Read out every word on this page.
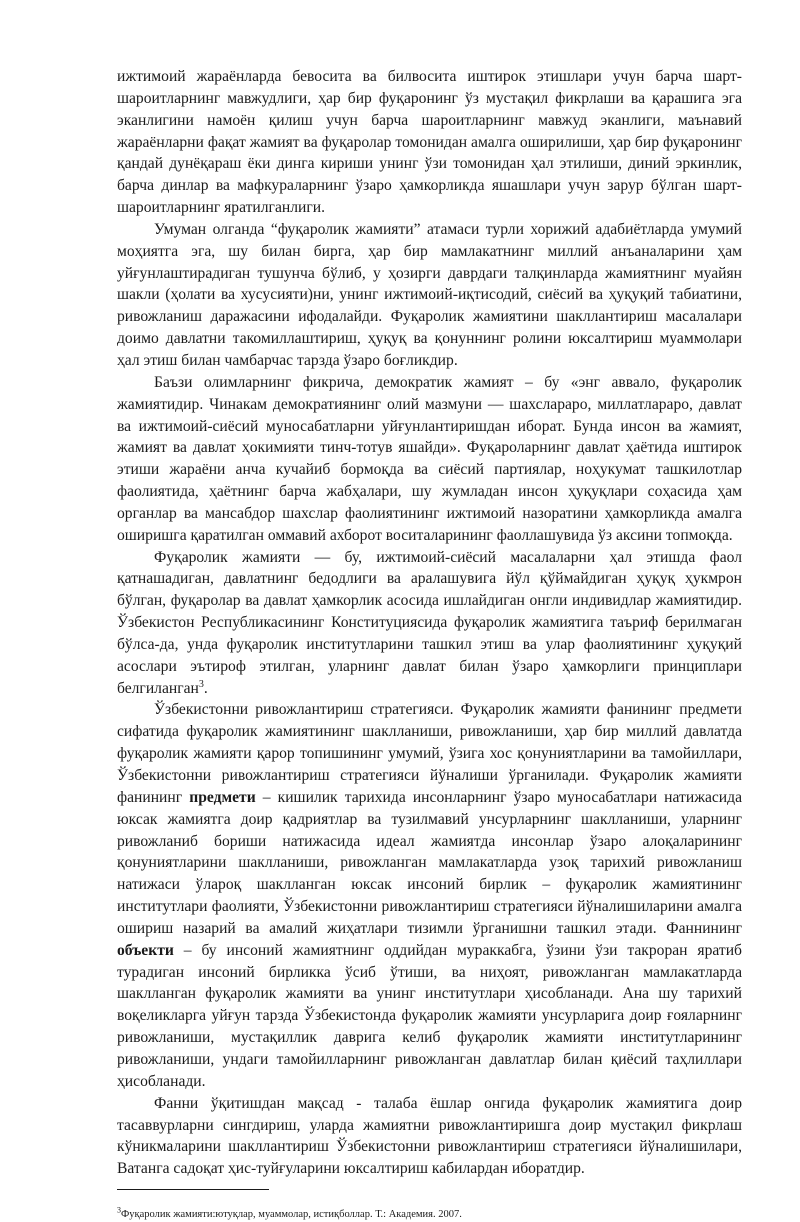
ижтимоий жараёнларда бевосита ва билвосита иштирок этишлари учун барча шарт-шароитларнинг мавжудлиги, ҳар бир фуқаронинг ўз мустақил фикрлаши ва қарашига эга эканлигини намоён қилиш учун барча шароитларнинг мавжуд эканлиги, маънавий жараёнларни фақат жамият ва фуқаролар томонидан амалга оширилиши, ҳар бир фуқаронинг қандай дунёқараш ёки динга кириши унинг ўзи томонидан ҳал этилиши, диний эркинлик, барча динлар ва мафкураларнинг ўзаро ҳамкорликда яшашлари учун зарур бўлган шарт-шароитларнинг яратилганлиги.

Умуман олганда “фуқаролик жамияти” атамаси турли хорижий адабиётларда умумий моҳиятга эга, шу билан бирга, ҳар бир мамлакатнинг миллий анъаналарини ҳам уйғунлаштирадиган тушунча бўлиб, у ҳозирги даврдаги талқинларда жамиятнинг муайян шакли (ҳолати ва хусусияти)ни, унинг ижтимоий-иқтисодий, сиёсий ва ҳуқуқий табиатини, ривожланиш даражасини ифодалайди. Фуқаролик жамиятини шакллантириш масалалари доимо давлатни такомиллаштириш, ҳуқуқ ва қонуннинг ролини юксалтириш муаммолари ҳал этиш билан чамбарчас тарзда ўзаро боғликдир.

Баъзи олимларнинг фикрича, демократик жамият – бу «энг аввало, фуқаролик жамиятидир. Чинакам демократиянинг олий мазмуни — шахслараро, миллатлараро, давлат ва ижтимоий-сиёсий муносабатларни уйғунлантиришдан иборат. Бунда инсон ва жамият, жамият ва давлат ҳокимияти тинч-тотув яшайди». Фуқароларнинг давлат ҳаётида иштирок этиши жараёни анча кучайиб бормоқда ва сиёсий партиялар, ноҳукумат ташкилотлар фаолиятида, ҳаётнинг барча жабҳалари, шу жумладан инсон ҳуқуқлари соҳасида ҳам органлар ва мансабдор шахслар фаолиятининг ижтимоий назоратини ҳамкорликда амалга оширишга қаратилган оммавий ахборот воситаларининг фаоллашувида ўз аксини топмоқда.

Фуқаролик жамияти — бу, ижтимоий-сиёсий масалаларни ҳал этишда фаол қатнашадиган, давлатнинг бедодлиги ва аралашувига йўл қўймайдиган ҳуқуқ ҳукмрон бўлган, фуқаролар ва давлат ҳамкорлик асосида ишлайдиган онгли индивидлар жамиятидир. Ўзбекистон Республикасининг Конституциясида фуқаролик жамиятига таъриф берилмаган бўлса-да, унда фуқаролик институтларини ташкил этиш ва улар фаолиятининг ҳуқуқий асослари эътироф этилган, уларнинг давлат билан ўзаро ҳамкорлиги принциплари белгиланган$^3$.

Ўзбекистонни ривожлантириш стратегияси. Фуқаролик жамияти фанининг предмети сифатида фуқаролик жамиятининг шаклланиши, ривожланиши, ҳар бир миллий давлатда фуқаролик жамияти қарор топишининг умумий, ўзига хос қонуниятларини ва тамойиллари, Ўзбекистонни ривожлантириш стратегияси йўналиши ўрганилади. Фуқаролик жамияти фанининг предмети – кишилик тарихида инсонларнинг ўзаро муносабатлари натижасида юксак жамиятга доир қадриятлар ва тузилмавий унсурларнинг шаклланиши, уларнинг ривожланиб бориши натижасида идеал жамиятда инсонлар ўзаро алоқаларининг қонуниятларини шаклланиши, ривожланган мамлакатларда узоқ тарихий ривожланиш натижаси ўлароқ шаклланган юксак инсоний бирлик – фуқаролик жамиятининг институтлари фаолияти, Ўзбекистонни ривожлантириш стратегияси йўналишиларини амалга ошириш назарий ва амалий жиҳатлари тизимли ўрганишни ташкил этади. Фаннининг объекти – бу инсоний жамиятнинг оддийдан мураккабга, ўзини ўзи такроран яратиб турадиган инсоний бирликка ўсиб ўтиши, ва ниҳоят, ривожланган мамлакатларда шаклланган фуқаролик жамияти ва унинг институтлари ҳисобланади. Ана шу тарихий воқеликларга уйғун тарзда Ўзбекистонда фуқаролик жамияти унсурларига доир ғояларнинг ривожланиши, мустақиллик даврига келиб фуқаролик жамияти институтларининг ривожланиши, ундаги тамойилларнинг ривожланган давлатлар билан қиёсий таҳлиллари ҳисобланади.

Фанни ўқитишдан мақсад - талаба ёшлар онгида фуқаролик жамиятига доир тасаввурларни сингдириш, уларда жамиятни ривожлантиришга доир мустақил фикрлаш кўникмаларини шакллантириш Ўзбекистонни ривожлантириш стратегияси йўналишилари, Ватанга садоқат ҳис-туйғуларини юксалтириш кабилардан иборатдир.

$^3$Фуқаролик жамияти:ютуқлар, муаммолар, истиқболлар. Т.: Академия. 2007.
